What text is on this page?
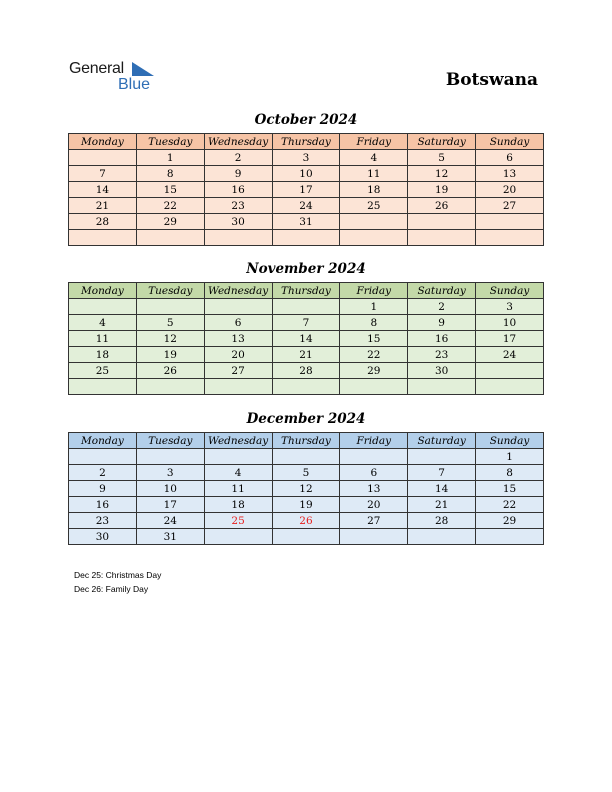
General
Blue	Botswana
October 2024
Monday	Tuesday	Wednesday	Thursday	Friday	Saturday	Sunday
	1	2	3	4	5	6
7	8	9	10	11	12	13
14	15	16	17	18	19	20
21	22	23	24	25	26	27
28	29	30	31			

November 2024
Monday	Tuesday	Wednesday	Thursday	Friday	Saturday	Sunday
				1	2	3
4	5	6	7	8	9	10
11	12	13	14	15	16	17
18	19	20	21	22	23	24
25	26	27	28	29	30	

December 2024
Monday	Tuesday	Wednesday	Thursday	Friday	Saturday	Sunday
						1
2	3	4	5	6	7	8
9	10	11	12	13	14	15
16	17	18	19	20	21	22
23	24	25	26	27	28	29
30	31					
Dec 25: Christmas Day
Dec 26: Family Day
